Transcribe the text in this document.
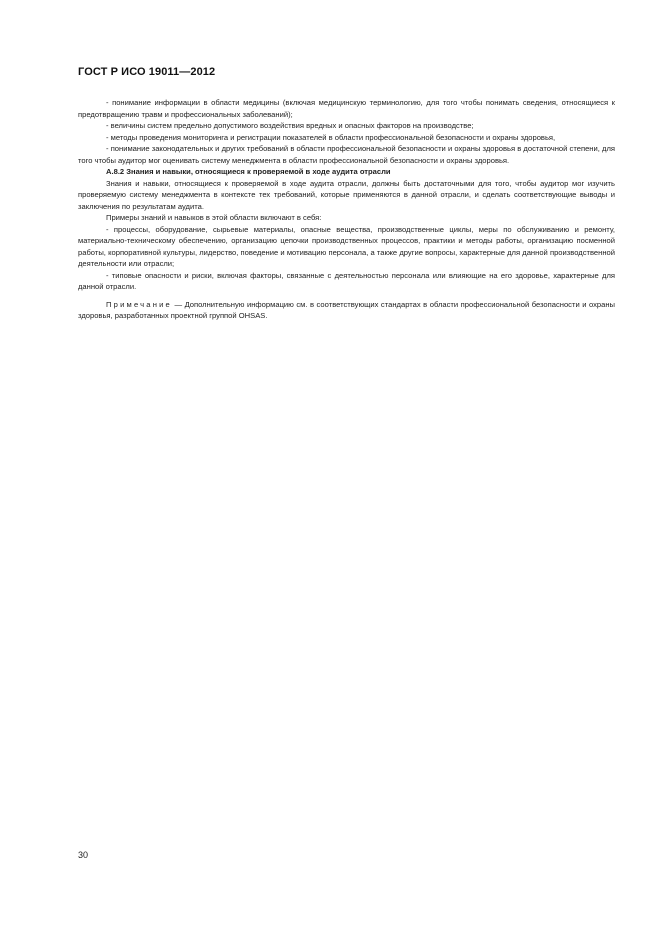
ГОСТ Р ИСО 19011—2012

- понимание информации в области медицины (включая медицинскую терминологию, для того чтобы понимать сведения, относящиеся к предотвращению травм и профессиональных заболеваний);

- величины систем предельно допустимого воздействия вредных и опасных факторов на производстве;

- методы проведения мониторинга и регистрации показателей в области профессиональной безопасности и охраны здоровья,

- понимание законодательных и других требований в области профессиональной безопасности и охраны здоровья в достаточной степени, для того чтобы аудитор мог оценивать систему менеджмента в области профессиональной безопасности и охраны здоровья.

А.8.2 Знания и навыки, относящиеся к проверяемой в ходе аудита отрасли

Знания и навыки, относящиеся к проверяемой в ходе аудита отрасли, должны быть достаточными для того, чтобы аудитор мог изучить проверяемую систему менеджмента в контексте тех требований, которые применяются в данной отрасли, и сделать соответствующие выводы и заключения по результатам аудита.

Примеры знаний и навыков в этой области включают в себя:

- процессы, оборудование, сырьевые материалы, опасные вещества, производственные циклы, меры по обслуживанию и ремонту, материально-техническому обеспечению, организацию цепочки производственных процессов, практики и методы работы, организацию посменной работы, корпоративной культуры, лидерство, поведение и мотивацию персонала, а также другие вопросы, характерные для данной производственной деятельности или отрасли;

- типовые опасности и риски, включая факторы, связанные с деятельностью персонала или влияющие на его здоровье, характерные для данной отрасли.

Примечание — Дополнительную информацию см. в соответствующих стандартах в области профессиональной безопасности и охраны здоровья, разработанных проектной группой OHSAS.

30
